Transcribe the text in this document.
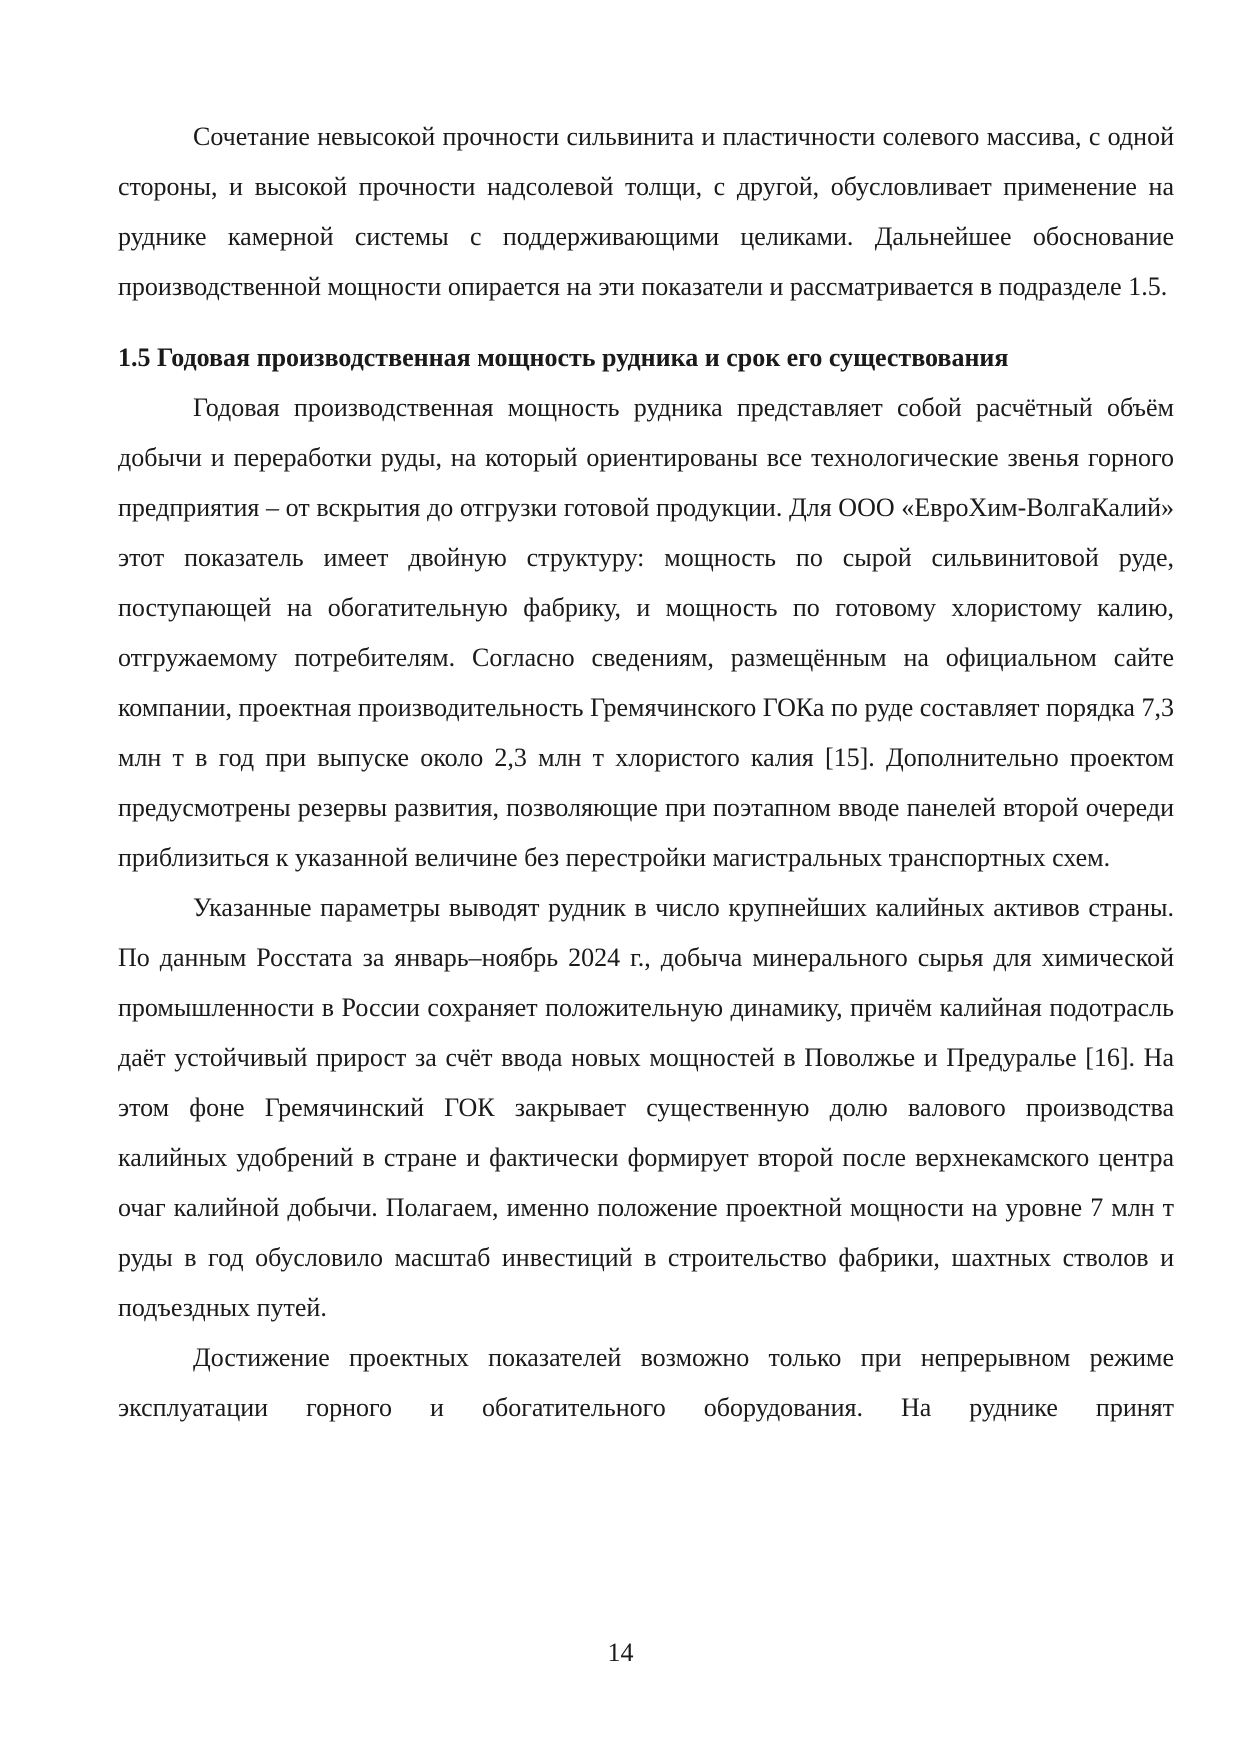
Сочетание невысокой прочности сильвинита и пластичности солевого массива, с одной стороны, и высокой прочности надсолевой толщи, с другой, обусловливает применение на руднике камерной системы с поддерживающими целиками. Дальнейшее обоснование производственной мощности опирается на эти показатели и рассматривается в подразделе 1.5.

1.5 Годовая производственная мощность рудника и срок его существования

Годовая производственная мощность рудника представляет собой расчётный объём добычи и переработки руды, на который ориентированы все технологические звенья горного предприятия – от вскрытия до отгрузки готовой продукции. Для ООО «ЕвроХим-ВолгаКалий» этот показатель имеет двойную структуру: мощность по сырой сильвинитовой руде, поступающей на обогатительную фабрику, и мощность по готовому хлористому калию, отгружаемому потребителям. Согласно сведениям, размещённым на официальном сайте компании, проектная производительность Гремячинского ГОКа по руде составляет порядка 7,3 млн т в год при выпуске около 2,3 млн т хлористого калия [15]. Дополнительно проектом предусмотрены резервы развития, позволяющие при поэтапном вводе панелей второй очереди приблизиться к указанной величине без перестройки магистральных транспортных схем.

Указанные параметры выводят рудник в число крупнейших калийных активов страны. По данным Росстата за январь–ноябрь 2024 г., добыча минерального сырья для химической промышленности в России сохраняет положительную динамику, причём калийная подотрасль даёт устойчивый прирост за счёт ввода новых мощностей в Поволжье и Предуралье [16]. На этом фоне Гремячинский ГОК закрывает существенную долю валового производства калийных удобрений в стране и фактически формирует второй после верхнекамского центра очаг калийной добычи. Полагаем, именно положение проектной мощности на уровне 7 млн т руды в год обусловило масштаб инвестиций в строительство фабрики, шахтных стволов и подъездных путей.

Достижение проектных показателей возможно только при непрерывном режиме эксплуатации горного и обогатительного оборудования. На руднике принят

14
